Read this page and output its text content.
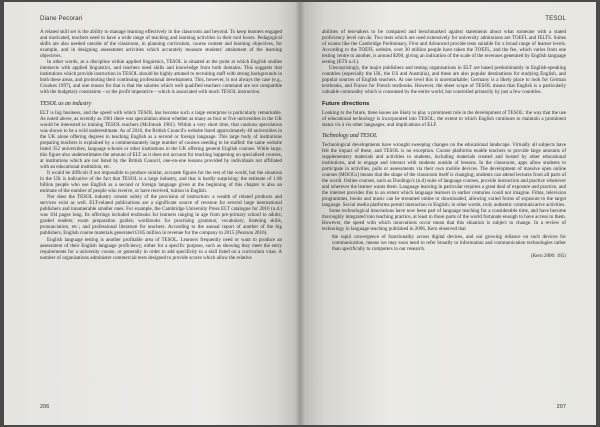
Diane Pecorari

A related skill set is the ability to manage learning effectively in the classroom and beyond. To keep learners engaged and motivated, teachers need to have a wide range of teaching and learning activities in their tool boxes. Pedagogical skills are also needed outside of the classroom, in planning curriculum, course content and learning objectives, for example, and in designing assessment activities which accurately measure students' attainment of the learning objectives.

In other words, as a discipline within applied linguistics, TESOL is situated at the point at which English studies intersects with applied linguistics, and teachers need skills and knowledge from both domains. This suggests that institutions which provide instruction in TESOL should be highly attuned to recruiting staff with strong backgrounds in both these areas, and promoting their continuing professional development. This, however, is not always the case (e.g., Crookes 1997), and one reason for that is that the salaries which well qualified teachers command are not compatible with the budgetary constraints – or the profit imperative – which is associated with much TESOL instruction.

TESOL as an industry

ELT is big business, and the speed with which TESOL has become such a large enterprise is particularly remarkable. As noted above, as recently as 1961 there was speculation about whether as many as four or five universities in the UK would be interested in training TESOL teachers (McIntosh 1961). Within a very short time, that cautious speculation was shown to be a wild underestimate. As of 2016, the British Council's website listed approximately 40 universities in the UK alone offering degrees in teaching English as a second or foreign language. This large body of institutions preparing teachers is explained by a commensurately large number of courses needing to be staffed: the same website listed 352 universities, language schools or other institutions in the UK offering general English courses. While large, this figure also underestimates the amount of ELT as it does not account for teaching happening on specialised courses, at institutions which are not listed by the British Council, one-on-one lessons provided by individuals not affiliated with an educational institution, etc.

It would be difficult if not impossible to produce similar, accurate figures for the rest of the world, but the situation in the UK is indicative of the fact that TESOL is a large industry, and that is hardly surprising: the estimate of 1.66 billion people who use English as a second or foreign language given at the beginning of this chapter is also an estimate of the number of people who receive, or have received, tuition in English.

Nor does the TESOL industry consist solely of the provision of instruction: a wealth of related products and services exist as well. ELT-related publications are a significant source of revenue for several large international publishers and innumerable smaller ones. For example, the Cambridge University Press ELT catalogue for 2016 (n.d.) was 104 pages long. Its offerings included textbooks for learners ranging in age from pre-primary school to adults; graded readers; exam preparation guides; workbooks for practising grammar, vocabulary, listening skills, pronunciation, etc.; and professional literature for teachers. According to the annual report of another of the big publishers, English course materials generated £185 million in revenue for the company in 2015 (Pearson 2016).

English language testing is another profitable area of TESOL. Learners frequently need or want to produce an assessment of their English language proficiency, either for a specific purpose, such as showing they meet the entry requirements for a university course, or generally in order to add specificity to a skill listed on a curriculum vitae. A number of organisations administer commercial tests designed to provide scores which allow the relative

206
TESOL

abilities of test-takers to be compared and benchmarked against statements about what someone with a stated proficiency level can do. Two tests which are used extensively for university admissions are TOEFL and IELTS. Suites of exams like the Cambridge Preliminary, First and Advanced provide tests suitable for a broad range of learner levels. According to the TOEFL website, over 30 million people have taken the TOEFL, and the fee, which varies from one testing centre to another, is around $200, giving an indication of the scale of the revenues generated by English language testing (ETS n.d.).

Unsurprisingly, the major publishers and testing organisations in ELT are based predominantly in English-speaking countries (especially the UK, the US and Australia), and these are also popular destinations for studying English, and popular sources of English teachers. At one level this is unremarkable; Germany is a likely place to look for German textbooks, and France for French textbooks. However, the sheer scope of TESOL means that English is a particularly valuable commodity which is consumed by the entire world, but controlled primarily by just a few countries.

Future directions

Looking to the future, three issues are likely to play a prominent role in the development of TESOL: the way that the use of educational technology is incorporated into TESOL; the extent to which English continues to maintain a prominent status vis à vis other languages; and implications of ELF.

Technology and TESOL

Technological developments have wrought sweeping changes on the educational landscape. Virtually all subjects have felt the impact of these, and TESOL is no exception. Course platforms enable teachers to provide large amounts of supplementary materials and activities to students, including materials created and hosted by other educational institutions, and to engage and interact with students outside of lessons. In the classroom, apps allow students to participate in activities, polls or assessments via their own mobile devices. The development of massive open online courses (MOOCs) means that the shape of the classroom itself is changing; students can attend lectures from all parts of the world. Online courses, such as Duolingo's (n.d) suite of language courses, provide instruction and practice whenever and wherever the learner wants them. Language learning in particular requires a great deal of exposure and practice, and the internet provides this to an extent which language learners in earlier centuries could not imagine. Films, television programmes, books and music can be streamed online or downloaded, allowing varied forms of exposure to the target language. Social media platforms permit interaction in English; in other words, truly authentic communicative activities.

Some technological innovations have now been part of language teaching for a considerable time, and have become thoroughly integrated into teaching practice, at least in those parts of the world fortunate enough to have access to them. However, the speed with which innovations occur mean that this situation is subject to change. In a review of technology in language teaching published in 2006, Kern observed that

the rapid convergence of functionality across digital devices, and our growing reliance on such devices for communication, means we may soon need to refer broadly to information and communication technologies rather than specifically to computers in our research.

(Kern 2006: 185)
207
